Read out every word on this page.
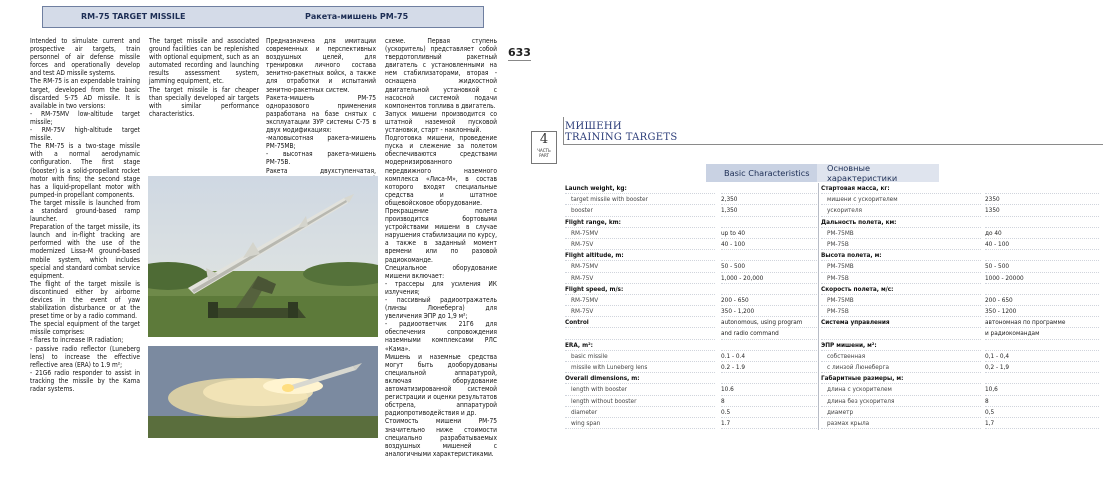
RM-75 TARGET MISSILE	Ракета-мишень РМ-75

Intended to simulate current and prospective air targets, train personnel of air defense missile forces and operationally develop and test AD missile systems.

The RM-75 is an expendable training target, developed from the basic discarded S-75 AD missile. It is available in two versions:

- RM-75MV low-altitude target missile;

- RM-75V high-altitude target missile.

The RM-75 is a two-stage missile with a normal aerodynamic configuration. The first stage (booster) is a solid-propellant rocket motor with fins; the second stage has a liquid-propellant motor with pumped-in propellant components.

The target missile is launched from a standard ground-based ramp launcher.

Preparation of the target missile, its launch and in-flight tracking are performed with the use of the modernized Lissa-M ground-based mobile system, which includes special and standard combat service equipment.

The flight of the target missile is discontinued either by airborne devices in the event of yaw stabilization disturbance or at the preset time or by a radio command.

The special equipment of the target missile comprises:

- flares to increase IR radiation;

- passive radio reflector (Luneberg lens) to increase the effective reflective area (ERA) to 1.9 m²;

- 21G6 radio responder to assist in tracking the missile by the Kama radar systems.

The target missile and associated ground facilities can be replenished with optional equipment, such as an automated recording and launching results assessment system, jamming equipment, etc.

The target missile is far cheaper than specially developed air targets with similar performance characteristics.

Предназначена для имитации современных и перспективных воздушных целей, для тренировки личного состава зенитно-ракетных войск, а также для отработки и испытаний зенитно-ракетных систем.

Ракета-мишень РМ-75 одноразового применения разработана на базе снятых с эксплуатации ЗУР системы С-75 в двух модификациях:

-маловысотная ракета-мишень РМ-75МВ;

- высотная ракета-мишень РМ-75В.

Ракета двухступенчатая,

схеме. Первая ступень (ускоритель) представляет собой твердотопливный ракетный двигатель с установленными на нем стабилизаторами, вторая - оснащена жидкостной двигательной установкой с насосной системой подачи компонентов топлива в двигатель.

Запуск мишени производится со штатной наземной пусковой установки, старт - наклонный.

Подготовка мишени, проведение пуска и слежение за полетом обеспечиваются средствами модернизированного передвижного наземного комплекса «Лиса-М», в состав которого входят специальные средства и штатное общевойсковое оборудование.

Прекращение полета производится бортовыми устройствами мишени в случае нарушения стабилизации по курсу, а также в заданный момент времени или по разовой радиокоманде.

Специальное оборудование мишени включает:

- трассеры для усиления ИК излучения;

- пассивный радиоотражатель (линзы Люнеберга) для увеличения ЭПР до 1,9 м²;

- радиоответчик 21Г6 для обеспечения сопровождения наземными комплексами РЛС «Кама».

Мишень и наземные средства могут быть дооборудованы специальной аппаратурой, включая оборудование автоматизированной системой регистрации и оценки результатов обстрела, аппаратурой радиопротиводействия и др.

Стоимость мишени РМ-75 значительно ниже стоимости специально разрабатываемых воздушных мишеней с аналогичными характеристиками.

633
4
ЧАСТЬ
PART
МИШЕНИ
TRAINING TARGETS
Basic Characteristics Основные характеристики
Launch weight, kg:
target missile with booster
booster
Flight range, km:
RM-75MV
RM-75V
Flight altitude, m:
RM-75MV
RM-75V
Flight speed, m/s:
RM-75MV
RM-75V
Control

ERA, m²:
basic missile
missile with Luneberg lens
Overall dimensions, m:
length with booster
length without booster
diameter
wing span

2,350
1,350

up to 40
40 - 100

50 - 500
1,000 - 20,000

200 - 650
350 - 1,200
autonomous, using program
and radio command

0.1 - 0.4
0.2 - 1.9

10.6
8
0.5
1.7
Стартовая масса, кг:
мишени с ускорителем
ускорителя
Дальность полета, км:
РМ-75МВ
РМ-75В
Высота полета, м:
РМ-75МВ
РМ-75В
Скорость полета, м/с:
РМ-75МВ
РМ-75В
Система управления

ЭПР мишени, м²:
собственная
с линзой Люнеберга
Габаритные размеры, м:
длина с ускорителем
длина без ускорителя
диаметр
размах крыла

2350
1350

до 40
40 - 100

50 - 500
1000 - 20000

200 - 650
350 - 1200
автономная по программе
и радиокомандам

0,1 - 0,4
0,2 - 1,9

10,6
8
0,5
1,7
